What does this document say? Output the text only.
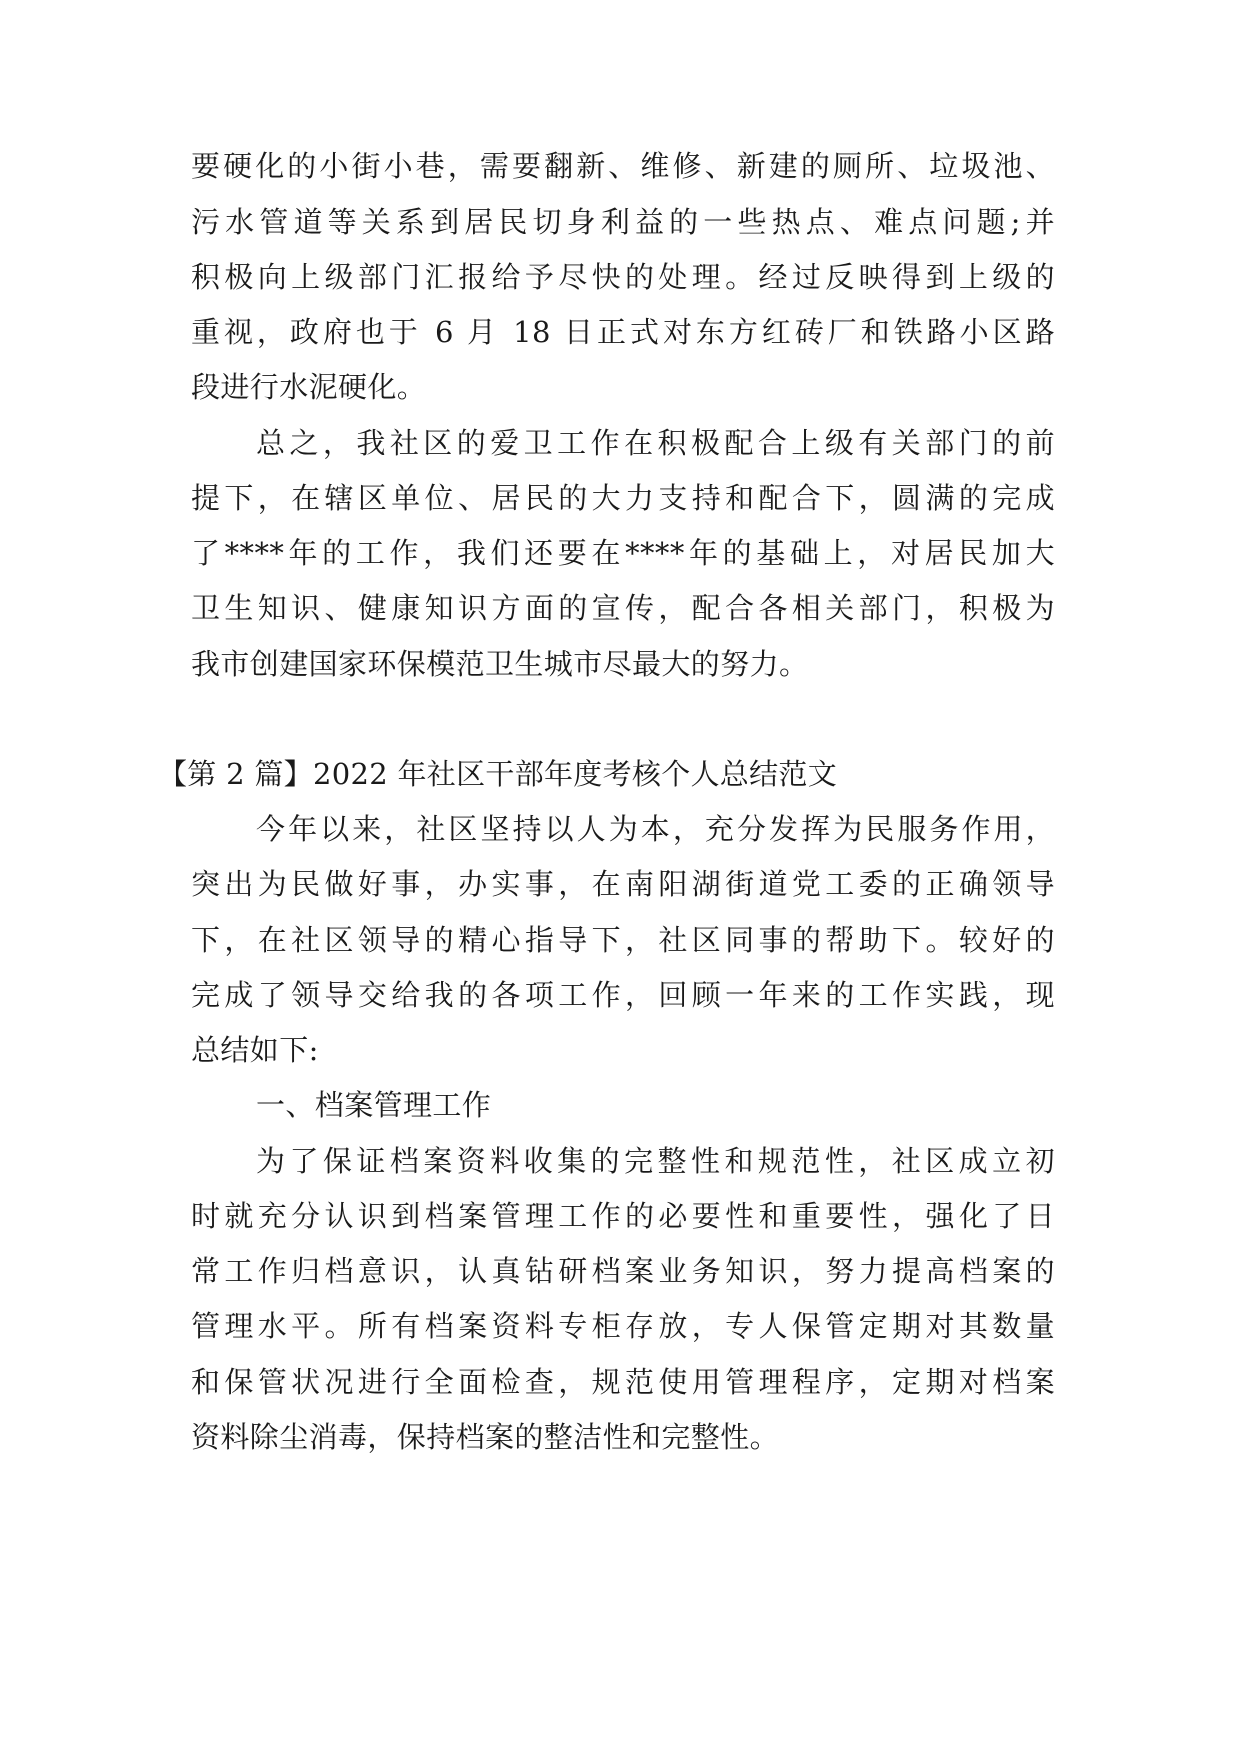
要硬化的小街小巷，需要翻新、维修、新建的厕所、垃圾池、
污水管道等关系到居民切身利益的一些热点、难点问题;并
积极向上级部门汇报给予尽快的处理。经过反映得到上级的
重视，政府也于 6 月 18 日正式对东方红砖厂和铁路小区路
段进行水泥硬化。
总之，我社区的爱卫工作在积极配合上级有关部门的前
提下，在辖区单位、居民的大力支持和配合下，圆满的完成
了****年的工作，我们还要在****年的基础上，对居民加大
卫生知识、健康知识方面的宣传，配合各相关部门，积极为
我市创建国家环保模范卫生城市尽最大的努力。
【第 2 篇】2022 年社区干部年度考核个人总结范文
今年以来，社区坚持以人为本，充分发挥为民服务作用，
突出为民做好事，办实事，在南阳湖街道党工委的正确领导
下，在社区领导的精心指导下，社区同事的帮助下。较好的
完成了领导交给我的各项工作，回顾一年来的工作实践，现
总结如下:
一、档案管理工作
为了保证档案资料收集的完整性和规范性，社区成立初
时就充分认识到档案管理工作的必要性和重要性，强化了日
常工作归档意识，认真钻研档案业务知识，努力提高档案的
管理水平。所有档案资料专柜存放，专人保管定期对其数量
和保管状况进行全面检查，规范使用管理程序，定期对档案
资料除尘消毒，保持档案的整洁性和完整性。
